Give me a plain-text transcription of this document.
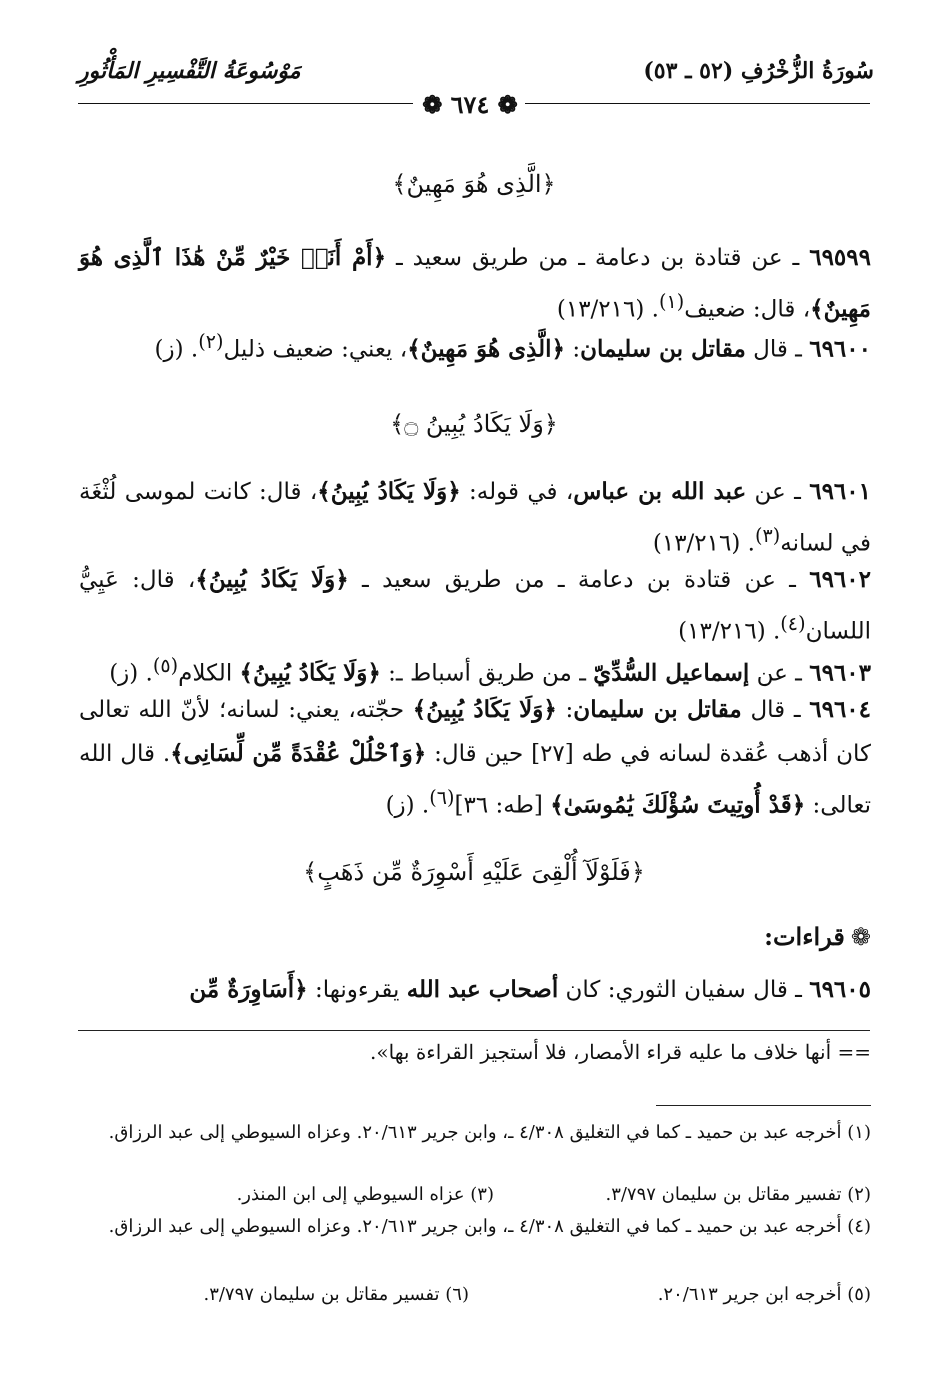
سُورَةُ الزُّخْرُفِ (٥٢ ـ ٥٣)
مَوْسُوعَةُ التَّفْسِيرِ المَأْثُورِ
❁ ٦٧٤ ❁
﴿الَّذِى هُوَ مَهِينٌ﴾
٦٩٥٩٩ ـ عن قتادة بن دعامة ـ من طريق سعيد ـ ﴿أَمْ أَنَا۠ خَيْرٌ مِّنْ هَٰذَا ٱلَّذِى هُوَ مَهِينٌ﴾، قال: ضعيف$^{(١)}$. (١٣/٢١٦)
٦٩٦٠٠ ـ قال مقاتل بن سليمان: ﴿الَّذِى هُوَ مَهِينٌ﴾، يعني: ضعيف ذليل$^{(٢)}$. (ز)
﴿وَلَا يَكَادُ يُبِينُ ۝﴾
٦٩٦٠١ ـ عن عبد الله بن عباس، في قوله: ﴿وَلَا يَكَادُ يُبِينُ﴾، قال: كانت لموسى لُثْغَة في لسانه$^{(٣)}$. (١٣/٢١٦)
٦٩٦٠٢ ـ عن قتادة بن دعامة ـ من طريق سعيد ـ ﴿وَلَا يَكَادُ يُبِينُ﴾، قال: عَيِيُّ اللسان$^{(٤)}$. (١٣/٢١٦)
٦٩٦٠٣ ـ عن إسماعيل السُّدِّيّ ـ من طريق أسباط ـ: ﴿وَلَا يَكَادُ يُبِينُ﴾ الكلام$^{(٥)}$. (ز)
٦٩٦٠٤ ـ قال مقاتل بن سليمان: ﴿وَلَا يَكَادُ يُبِينُ﴾ حجّته، يعني: لسانه؛ لأنّ الله تعالى كان أذهب عُقدة لسانه في طه [٢٧] حين قال: ﴿وَٱحْلُلْ عُقْدَةً مِّن لِّسَانِى﴾. قال الله تعالى: ﴿قَدْ أُوتِيتَ سُؤْلَكَ يَٰمُوسَىٰ﴾ [طه: ٣٦]$^{(٦)}$. (ز)
﴿فَلَوْلَآ أُلْقِىَ عَلَيْهِ أَسْوِرَةٌ مِّن ذَهَبٍ﴾
❁قراءات:
٦٩٦٠٥ ـ قال سفيان الثوري: كان أصحاب عبد الله يقرءونها: ﴿أَسَاوِرَةٌ مِّن
== أنها خلاف ما عليه قراء الأمصار، فلا أستجيز القراءة بها».
(١) أخرجه عبد بن حميد ـ كما في التغليق ٤/٣٠٨ ـ، وابن جرير ٢٠/٦١٣. وعزاه السيوطي إلى عبد الرزاق.
(٢) تفسير مقاتل بن سليمان ٣/٧٩٧.
(٣) عزاه السيوطي إلى ابن المنذر.
(٤) أخرجه عبد بن حميد ـ كما في التغليق ٤/٣٠٨ ـ، وابن جرير ٢٠/٦١٣. وعزاه السيوطي إلى عبد الرزاق.
(٥) أخرجه ابن جرير ٢٠/٦١٣.
(٦) تفسير مقاتل بن سليمان ٣/٧٩٧.
